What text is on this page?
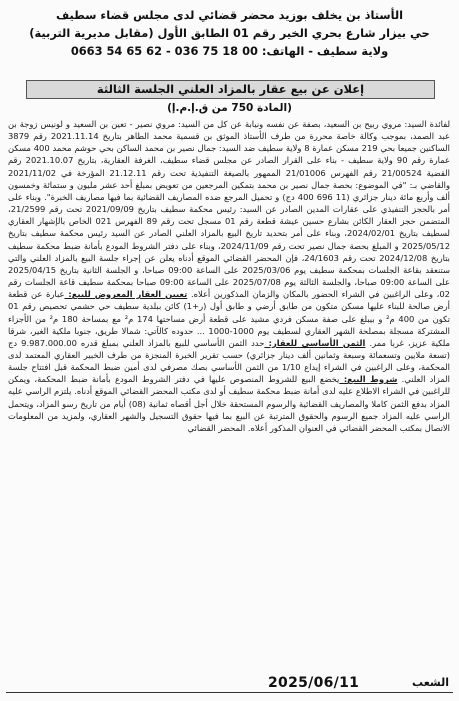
الأستاذ بن يخلف بوزيد محضر قضائي لدى مجلس قضاء سطيف
حي بيزار شارع بحري الخير رقم 01 الطابق الأول (مقابل مديرية التربية)
ولاية سطيف - الهاتف: 00 18 75 036 - 62 65 54 0663
إعلان عن بيع عقار بالمزاد العلني الجلسة الثالثة
(المادة 750 من ق.إ.م.إ)
لفائدة السيد: مروي ربيح بن السعيد، بصفة عن نفسه ونيابة عن كل من السيد: مروي نصير - تعين بن السعيد و لونيس زوجة بن عبد الصمد، بموجب وكالة خاصة محررة من طرف الأستاذ الموثق بن قسمية محمد الطاهر بتاريخ 2021.11.14 رقم 3879 الساكنين جميعا بحي 219 مسكن عمارة 8 ولاية سطيف ضد السيد: جمال نصير بن محمد الساكن بحي حوشم محمد 400 مسكن عمارة رقم 90 ولاية سطيف - بناء على القرار الصادر عن مجلس قضاء سطيف، الغرفة العقارية، بتاريخ 2021.10.07 رقم القضية 21/00524 رقم الفهرس 21/01006 الممهور بالصيغة التنفيذية تحت رقم 21.12.11 المؤرخة في 2021/11/02 والقاضي بـ: "في الموضوع: بحصة جمال نصير بن محمد بتمكين المرجعين من تعويض بمبلغ أحد عشر مليون و ستمائة وخمسون ألف وأربع مائة دينار جزائري (11 696 400 دج) و تحميل المرجع ضده المصاريف القضائية بما فيها مصاريف الخبرة". وبناء على أمر بالحجز التنفيذي على عقارات المدين الصادر عن السيد: رئيس محكمة سطيف بتاريخ 2021/09/09 تحت رقم 21/2599، المتضمن حجز العقار الكائن بشارع حسين عيشة قطعة رقم 01 مسجل تحت رقم 89 الفهرس 021 الخاص بالإشهار العقاري لسطيف بتاريخ 2024/02/01، وبناء على أمر بتحديد تاريخ البيع بالمزاد العلني الصادر عن السيد رئيس محكمة سطيف بتاريخ 2025/05/12 و المبلغ بحصة جمال نصير تحت رقم 2024/11/09، وبناء على دفتر الشروط المودع بأمانة ضبط محكمة سطيف بتاريخ 2024/12/08 تحت رقم 24/1603، فإن المحضر القضائي الموقع أدناه يعلن عن إجراء جلسة البيع بالمزاد العلني والتي ستنعقد بقاعة الجلسات بمحكمة سطيف يوم 2025/03/06 على الساعة 09:00 صباحا، و الجلسة الثانية بتاريخ 2025/04/15 على الساعة 09:00 صباحا، والجلسة الثالثة يوم 2025/07/08 على الساعة 09:00 صباحا بمحكمة سطيف قاعة الجلسات رقم 02، وعلى الراغبين في الشراء الحضور بالمكان والزمان المذكورين أعلاه. تعيين العقار المعروض للبيع: عبارة عن قطعة أرض صالحة للبناء عليها مسكن متكون من طابق أرضي و طابق أول (ر+1) كائن ببلدية سطيف حي حشمي تحصيص رقم 01 تكون من 400 م² و بيبلغ على صفة مسكن فردي مشيد على قطعة أرض مساحتها 174 م² مع بمساحة 180 م² من الأجزاء المشتركة مسجلة بمصلحة الشهر العقاري لسطيف يوم 1000-1000 ... حدوده كالآتي: شمالا طريق، جنوبا ملكية الغير، شرقا ملكية عزيز، غربا ممر. الثمن الأساسي للعقار: حدد الثمن الأساسي للبيع بالمزاد العلني بمبلغ قدره 9.987.000.00 دج (تسعة ملايين وتسعمائة وسبعة وثمانين ألف دينار جزائري) حسب تقرير الخبرة المنجزة من طرف الخبير العقاري المعتمد لدى المحكمة، وعلى الراغبين في الشراء إيداع 1/10 من الثمن الأساسي بصك مصرفي لدى أمين ضبط المحكمة قبل افتتاح جلسة المزاد العلني. شروط البيع: يخضع البيع للشروط المنصوص عليها في دفتر الشروط المودع بأمانة ضبط المحكمة، ويمكن للراغبين في الشراء الاطلاع عليه لدى أمانة ضبط محكمة سطيف أو لدى مكتب المحضر القضائي الموقع أدناه. يلتزم الراسي عليه المزاد بدفع الثمن كاملا والمصاريف القضائية والرسوم المستحقة خلال أجل أقصاه ثمانية (08) أيام من تاريخ رسو المزاد، ويتحمل الراسي عليه المزاد جميع الرسوم والحقوق المترتبة عن البيع بما فيها حقوق التسجيل والشهر العقاري، ولمزيد من المعلومات الاتصال بمكتب المحضر القضائي في العنوان المذكور أعلاه. المحضر القضائي
2025/06/11	الشعب
